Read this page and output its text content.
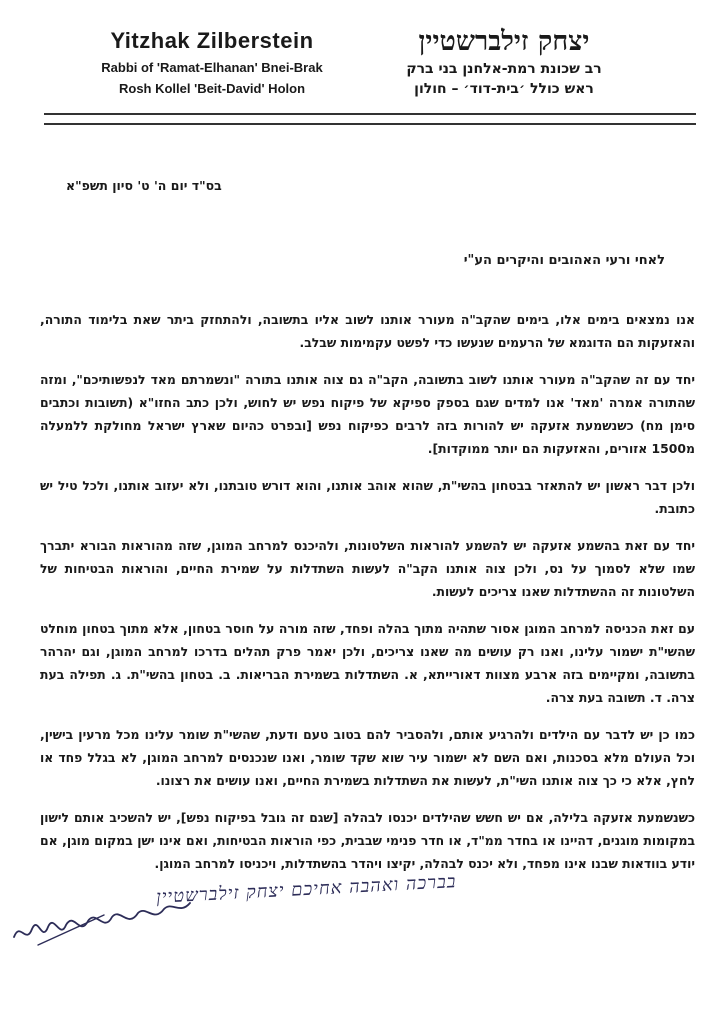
Yitzhak Zilberstein
Rabbi of 'Ramat-Elhanan' Bnei-Brak
Rosh Kollel 'Beit-David' Holon
יצחק זילברשטיין
רב שכונת רמת-אלחנן בני ברק
ראש כולל ׳בית-דוד׳ – חולון
בס"ד יום ה' ט' סיון תשפ"א
לאחי ורעי האהובים והיקרים הע"י

אנו נמצאים בימים אלו, בימים שהקב"ה מעורר אותנו לשוב אליו בתשובה, ולהתחזק ביתר שאת בלימוד התורה, והאזעקות הם הדוגמא של הרעמים שנעשו כדי לפשט עקמימות שבלב.

יחד עם זה שהקב"ה מעורר אותנו לשוב בתשובה, הקב"ה גם צוה אותנו בתורה "ונשמרתם מאד לנפשותיכם", ומזה שהתורה אמרה 'מאד' אנו למדים שגם בספק ספיקא של פיקוח נפש יש לחוש, ולכן כתב החזו"א (תשובות וכתבים סימן מח) כשנשמעת אזעקה יש להורות בזה לרבים כפיקוח נפש [ובפרט כהיום שארץ ישראל מחולקת ללמעלה מ1500 אזורים, והאזעקות הם יותר ממוקדות].

ולכן דבר ראשון יש להתאזר בבטחון בהשי"ת, שהוא אוהב אותנו, והוא דורש טובתנו, ולא יעזוב אותנו, ולכל טיל יש כתובת.

יחד עם זאת בהשמע אזעקה יש להשמע להוראות השלטונות, ולהיכנס למרחב המוגן, שזה מהוראות הבורא יתברך שמו שלא לסמוך על נס, ולכן צוה אותנו הקב"ה לעשות השתדלות על שמירת החיים, והוראות הבטיחות של השלטונות זה ההשתדלות שאנו צריכים לעשות.

עם זאת הכניסה למרחב המוגן אסור שתהיה מתוך בהלה ופחד, שזה מורה על חוסר בטחון, אלא מתוך בטחון מוחלט שהשי"ת ישמור עלינו, ואנו רק עושים מה שאנו צריכים, ולכן יאמר פרק תהלים בדרכו למרחב המוגן, וגם יהרהר בתשובה, ומקיימים בזה ארבע מצוות דאורייתא, א. השתדלות בשמירת הבריאות. ב. בטחון בהשי"ת. ג. תפילה בעת צרה. ד. תשובה בעת צרה.

כמו כן יש לדבר עם הילדים ולהרגיע אותם, ולהסביר להם בטוב טעם ודעת, שהשי"ת שומר עלינו מכל מרעין בישין, וכל העולם מלא בסכנות, ואם השם לא ישמור עיר שוא שקד שומר, ואנו שנכנסים למרחב המוגן, לא בגלל פחד או לחץ, אלא כי כך צוה אותנו השי"ת, לעשות את השתדלות בשמירת החיים, ואנו עושים את רצונו.

כשנשמעת אזעקה בלילה, אם יש חשש שהילדים יכנסו לבהלה [שגם זה גובל בפיקוח נפש], יש להשכיב אותם לישון במקומות מוגנים, דהיינו או בחדר ממ"ד, או חדר פנימי שבבית, כפי הוראות הבטיחות, ואם אינו ישן במקום מוגן, אם יודע בוודאות שבנו אינו מפחד, ולא יכנס לבהלה, יקיצו ויהדר בהשתדלות, ויכניסו למרחב המוגן.

בברכה ואהבה אחיכם יצחק זילברשטיין
